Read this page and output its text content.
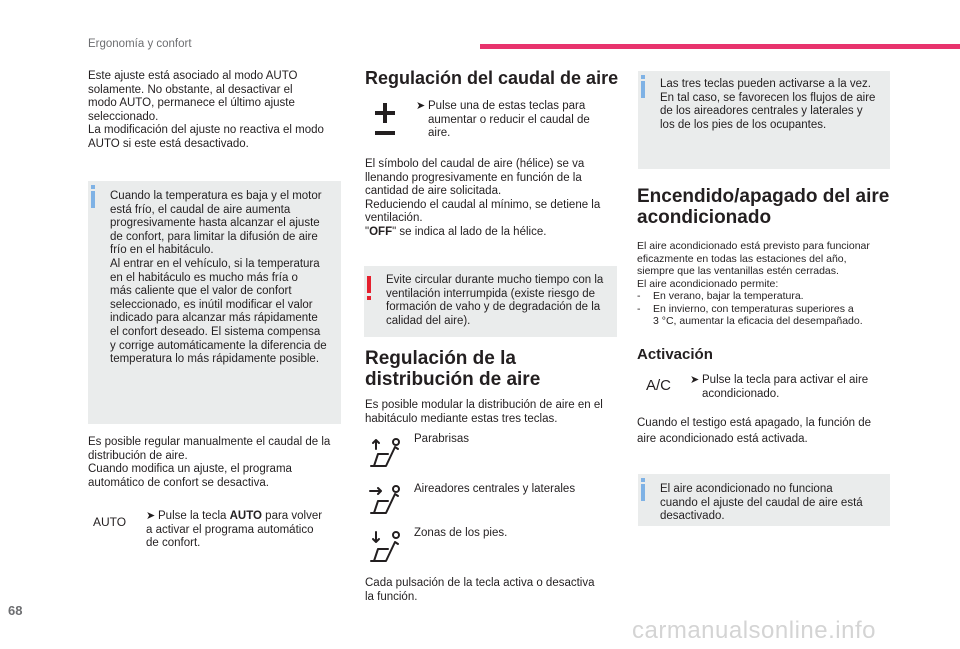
Ergonomía y confort
Este ajuste está asociado al modo AUTO
solamente. No obstante, al desactivar el
modo AUTO, permanece el último ajuste
seleccionado.
La modificación del ajuste no reactiva el modo
AUTO si este está desactivado.
Cuando la temperatura es baja y el motor
está frío, el caudal de aire aumenta
progresivamente hasta alcanzar el ajuste
de confort, para limitar la difusión de aire
frío en el habitáculo.
Al entrar en el vehículo, si la temperatura
en el habitáculo es mucho más fría o
más caliente que el valor de confort
seleccionado, es inútil modificar el valor
indicado para alcanzar más rápidamente
el confort deseado. El sistema compensa
y corrige automáticamente la diferencia de
temperatura lo más rápidamente posible.
Es posible regular manualmente el caudal de la
distribución de aire.
Cuando modifica un ajuste, el programa
automático de confort se desactiva.
AUTO ➤ Pulse la tecla AUTO para volver
a activar el programa automático
de confort.
Regulación del caudal de aire
➤ Pulse una de estas teclas para
aumentar o reducir el caudal de
aire.
El símbolo del caudal de aire (hélice) se va
llenando progresivamente en función de la
cantidad de aire solicitada.
Reduciendo el caudal al mínimo, se detiene la
ventilación.
"OFF" se indica al lado de la hélice.
Evite circular durante mucho tiempo con la
ventilación interrumpida (existe riesgo de
formación de vaho y de degradación de la
calidad del aire).
Regulación de la
distribución de aire
Es posible modular la distribución de aire en el
habitáculo mediante estas tres teclas.
Parabrisas
Aireadores centrales y laterales
Zonas de los pies.
Cada pulsación de la tecla activa o desactiva
la función.
Las tres teclas pueden activarse a la vez.
En tal caso, se favorecen los flujos de aire
de los aireadores centrales y laterales y
los de los pies de los ocupantes.
Encendido/apagado del aire
acondicionado
El aire acondicionado está previsto para funcionar
eficazmente en todas las estaciones del año,
siempre que las ventanillas estén cerradas.
El aire acondicionado permite:
- En verano, bajar la temperatura.
- En invierno, con temperaturas superiores a
3 °C, aumentar la eficacia del desempañado.
Activación
A/C ➤ Pulse la tecla para activar el aire
acondicionado.
Cuando el testigo está apagado, la función de
aire acondicionado está activada.
El aire acondicionado no funciona
cuando el ajuste del caudal de aire está
desactivado.
68
carmanualsonline.info
